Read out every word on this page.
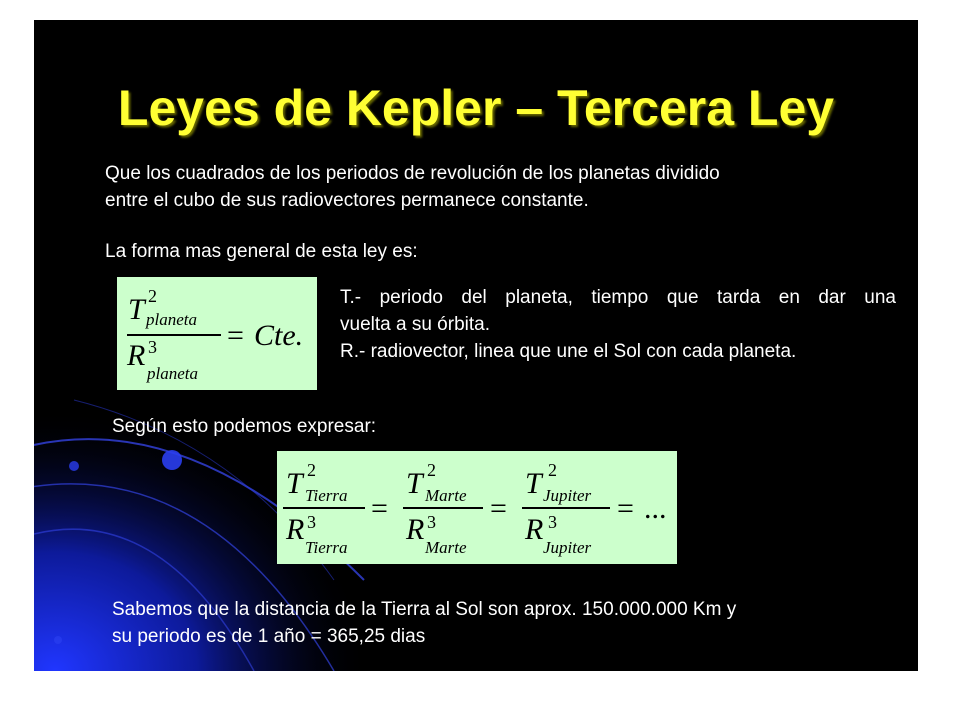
Leyes de Kepler – Tercera Ley
Que los cuadrados de los periodos de revolución de los planetas dividido
entre el cubo de sus radiovectores permanece constante.
La forma mas general de esta ley es:
T 2
planeta
R 3
planeta
= Cte.
T.- periodo del planeta, tiempo que tarda en dar una
vuelta a su órbita.
R.- radiovector, linea que une el Sol con cada planeta.
Según esto podemos expresar:
T 2
Tierra
R 3
Tierra
=
T 2
Marte
R 3
Marte
=
T 2
Jupiter
R 3
Jupiter
= ...
Sabemos que la distancia de la Tierra al Sol son aprox. 150.000.000 Km y
su periodo es de 1 año = 365,25 dias
